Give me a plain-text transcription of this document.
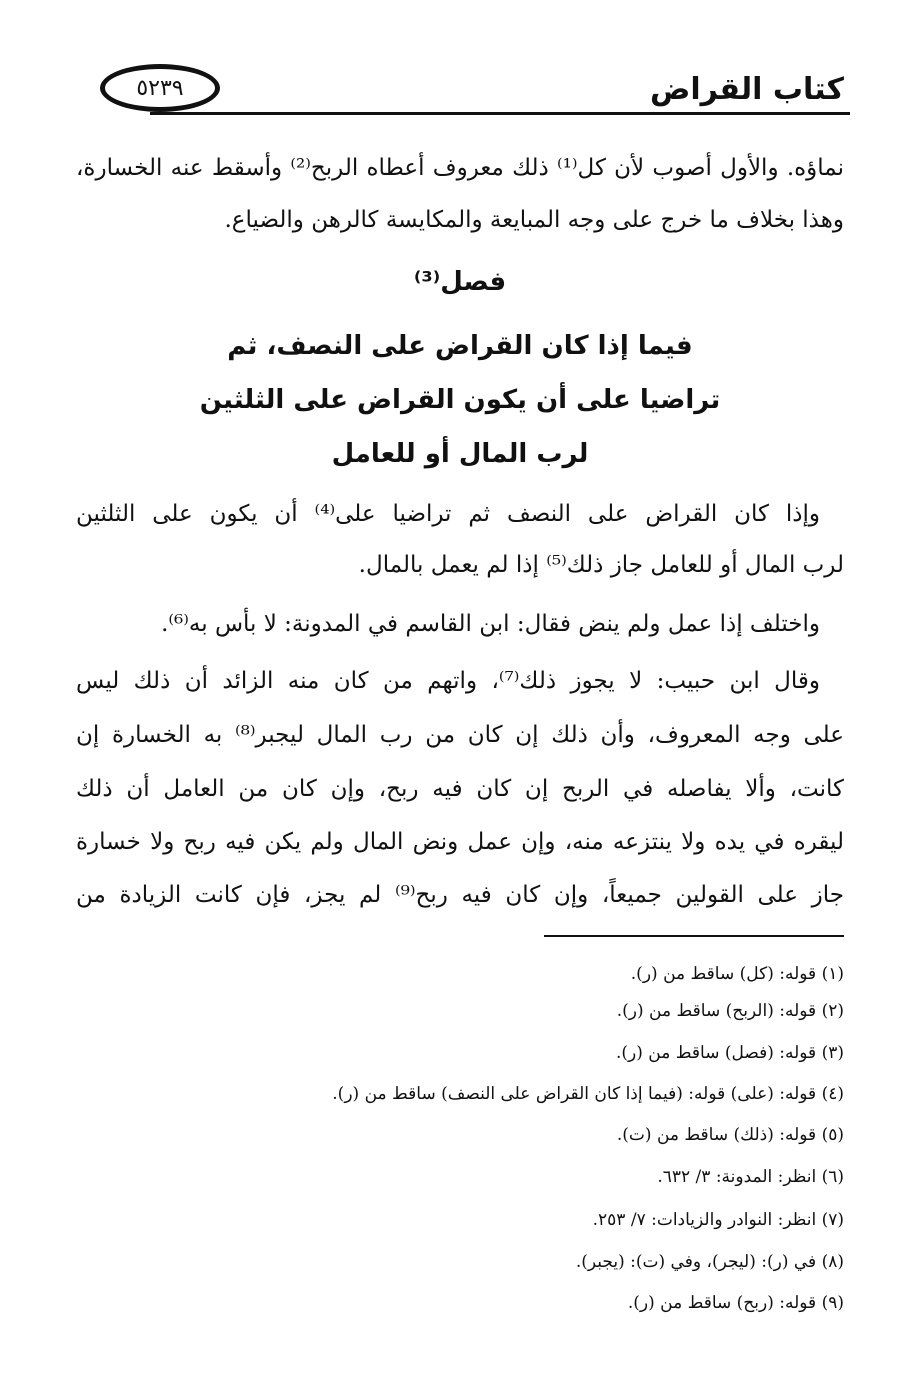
كتاب القراض
٥٢٣٩
نماؤه. والأول أصوب لأن كل⁽¹⁾ ذلك معروف أعطاه الربح⁽²⁾ وأسقط عنه الخسارة،
وهذا بخلاف ما خرج على وجه المبايعة والمكايسة كالرهن والضياع.
فصل⁽³⁾
فيما إذا كان القراض على النصف، ثم
تراضيا على أن يكون القراض على الثلثين
لرب المال أو للعامل
وإذا كان القراض على النصف ثم تراضيا على⁽⁴⁾ أن يكون على الثلثين
لرب المال أو للعامل جاز ذلك⁽⁵⁾ إذا لم يعمل بالمال.
واختلف إذا عمل ولم ينض فقال: ابن القاسم في المدونة: لا بأس به⁽⁶⁾.
وقال ابن حبيب: لا يجوز ذلك⁽⁷⁾، واتهم من كان منه الزائد أن ذلك ليس
على وجه المعروف، وأن ذلك إن كان من رب المال ليجبر⁽⁸⁾ به الخسارة إن
كانت، وألا يفاصله في الربح إن كان فيه ربح، وإن كان من العامل أن ذلك
ليقره في يده ولا ينتزعه منه، وإن عمل ونض المال ولم يكن فيه ربح ولا خسارة
جاز على القولين جميعاً، وإن كان فيه ربح⁽⁹⁾ لم يجز، فإن كانت الزيادة من
(١) قوله: (كل) ساقط من (ر).
(٢) قوله: (الربح) ساقط من (ر).
(٣) قوله: (فصل) ساقط من (ر).
(٤) قوله: (على) قوله: (فيما إذا كان القراض على النصف) ساقط من (ر).
(٥) قوله: (ذلك) ساقط من (ت).
(٦) انظر: المدونة: ٣/ ٦٣٢.
(٧) انظر: النوادر والزيادات: ٧/ ٢٥٣.
(٨) في (ر): (ليجر)، وفي (ت): (يجبر).
(٩) قوله: (ربح) ساقط من (ر).
